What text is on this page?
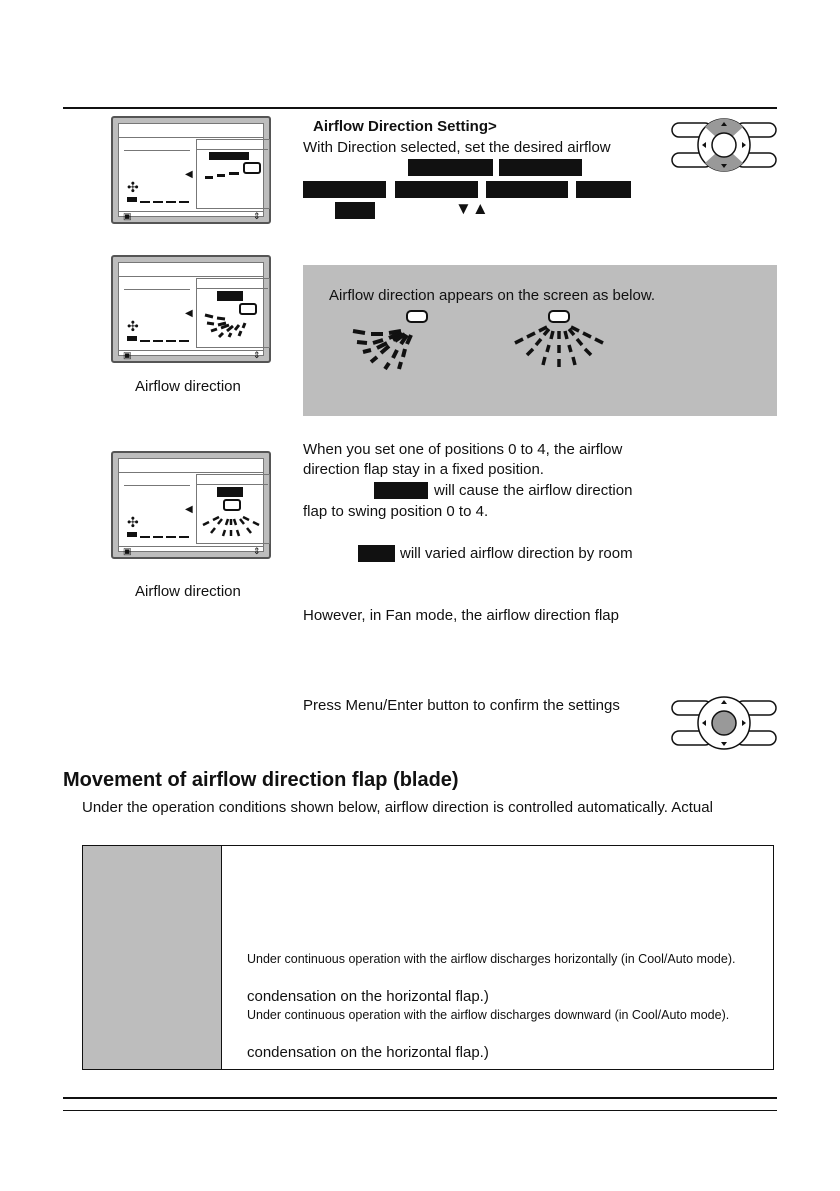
◀
✣
▣	⇕
Airflow Direction Setting>
With Direction selected, set the desired airflow
▼▲
◀
✣
▣	⇕
Airflow direction
Airflow direction appears on the screen as below.
◀
✣
▣	⇕
Airflow direction
When you set one of positions 0 to 4, the airflow
direction flap stay in a fixed position.
will cause the airflow direction
flap to swing position 0 to 4.
will varied airflow direction by room
However, in Fan mode, the airflow direction flap
Press Menu/Enter button to confirm the settings
Movement of airflow direction flap (blade)
Under the operation conditions shown below, airflow direction is controlled automatically. Actual
Under continuous operation with the airflow discharges horizontally (in Cool/Auto mode).
condensation on the horizontal flap.)
Under continuous operation with the airflow discharges downward (in Cool/Auto mode).
condensation on the horizontal flap.)
